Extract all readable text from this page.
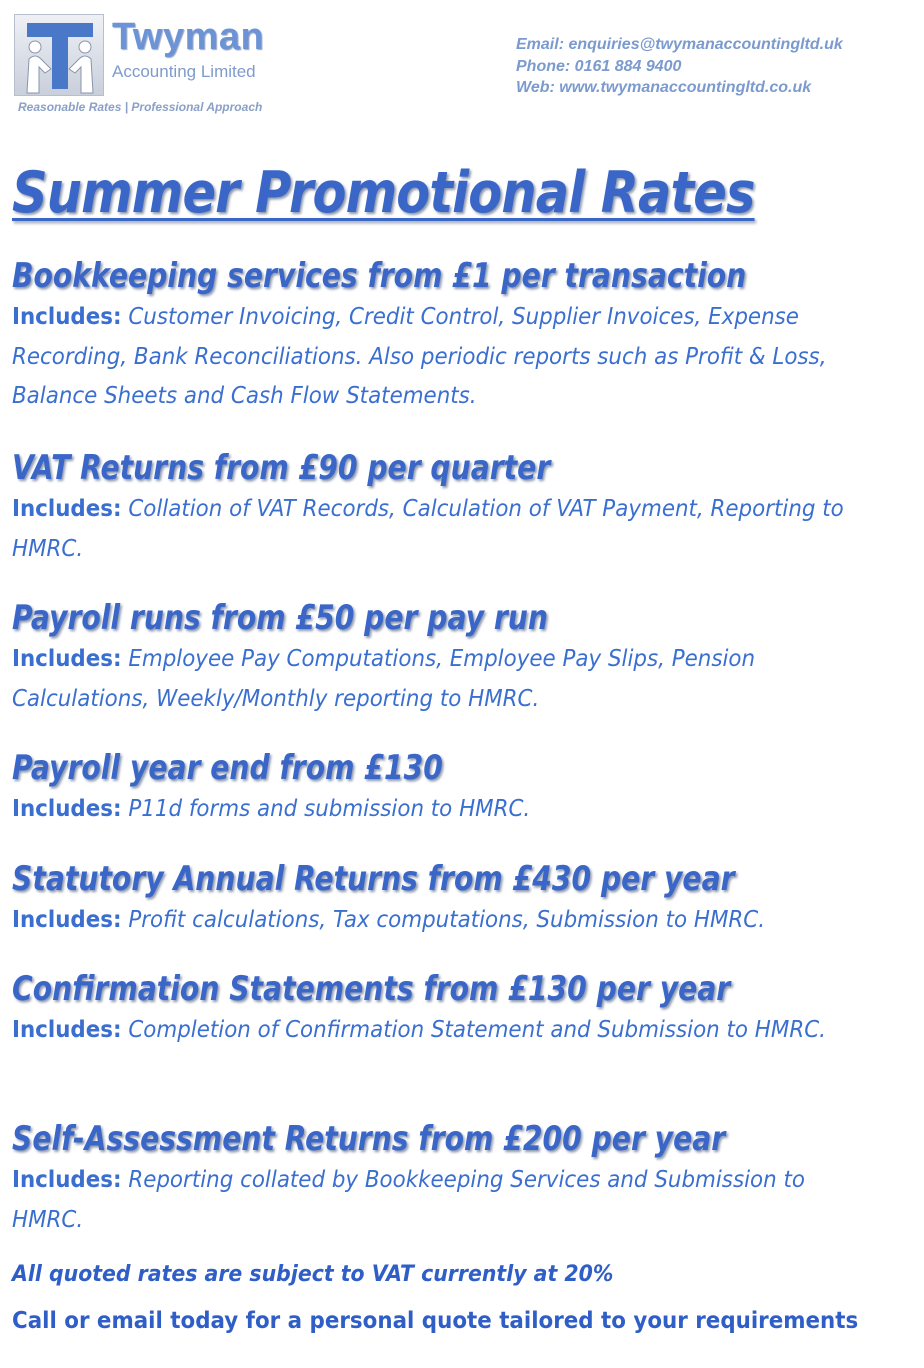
Twyman
Accounting Limited
Reasonable Rates | Professional Approach
Email: enquiries@twymanaccountingltd.uk
Phone: 0161 884 9400
Web: www.twymanaccountingltd.co.uk
Summer Promotional Rates
Bookkeeping services from £1 per transaction
Includes: Customer Invoicing, Credit Control, Supplier Invoices, Expense Recording, Bank Reconciliations. Also periodic reports such as Profit & Loss, Balance Sheets and Cash Flow Statements.
VAT Returns from £90 per quarter
Includes: Collation of VAT Records, Calculation of VAT Payment, Reporting to HMRC.
Payroll runs from £50 per pay run
Includes: Employee Pay Computations, Employee Pay Slips, Pension Calculations, Weekly/Monthly reporting to HMRC.
Payroll year end from £130
Includes: P11d forms and submission to HMRC.
Statutory Annual Returns from £430 per year
Includes: Profit calculations, Tax computations, Submission to HMRC.
Confirmation Statements from £130 per year
Includes: Completion of Confirmation Statement and Submission to HMRC.
Self-Assessment Returns from £200 per year
Includes: Reporting collated by Bookkeeping Services and Submission to HMRC.
All quoted rates are subject to VAT currently at 20%
Call or email today for a personal quote tailored to your requirements
